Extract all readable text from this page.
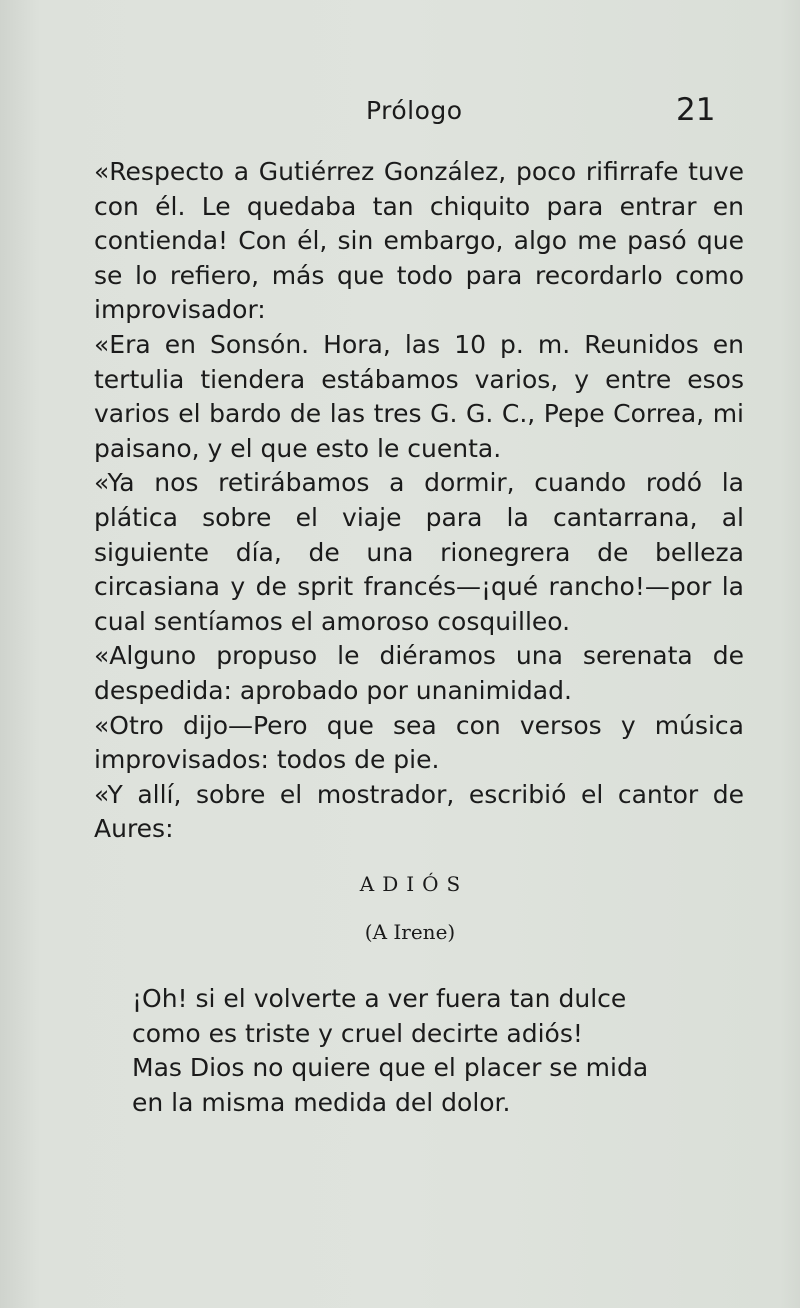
Prólogo	21

«Respecto a Gutiérrez González, poco rifirrafe tuve con él. Le quedaba tan chiquito para entrar en contienda! Con él, sin embargo, algo me pasó que se lo refiero, más que todo para recordarlo como improvisador:

«Era en Sonsón. Hora, las 10 p. m. Reunidos en tertulia tiendera estábamos varios, y entre esos varios el bardo de las tres G. G. C., Pepe Correa, mi paisano, y el que esto le cuenta.

«Ya nos retirábamos a dormir, cuando rodó la plática sobre el viaje para la cantarrana, al siguiente día, de una rionegrera de belleza circasiana y de sprit francés—¡qué rancho!—por la cual sentíamos el amoroso cosquilleo.

«Alguno propuso le diéramos una serenata de despedida: aprobado por unanimidad.

«Otro dijo—Pero que sea con versos y música improvisados: todos de pie.

«Y allí, sobre el mostrador, escribió el cantor de Aures:

ADIÓS
(A Irene)

¡Oh! si el volverte a ver fuera tan dulce

como es triste y cruel decirte adiós!

Mas Dios no quiere que el placer se mida

en la misma medida del dolor.
